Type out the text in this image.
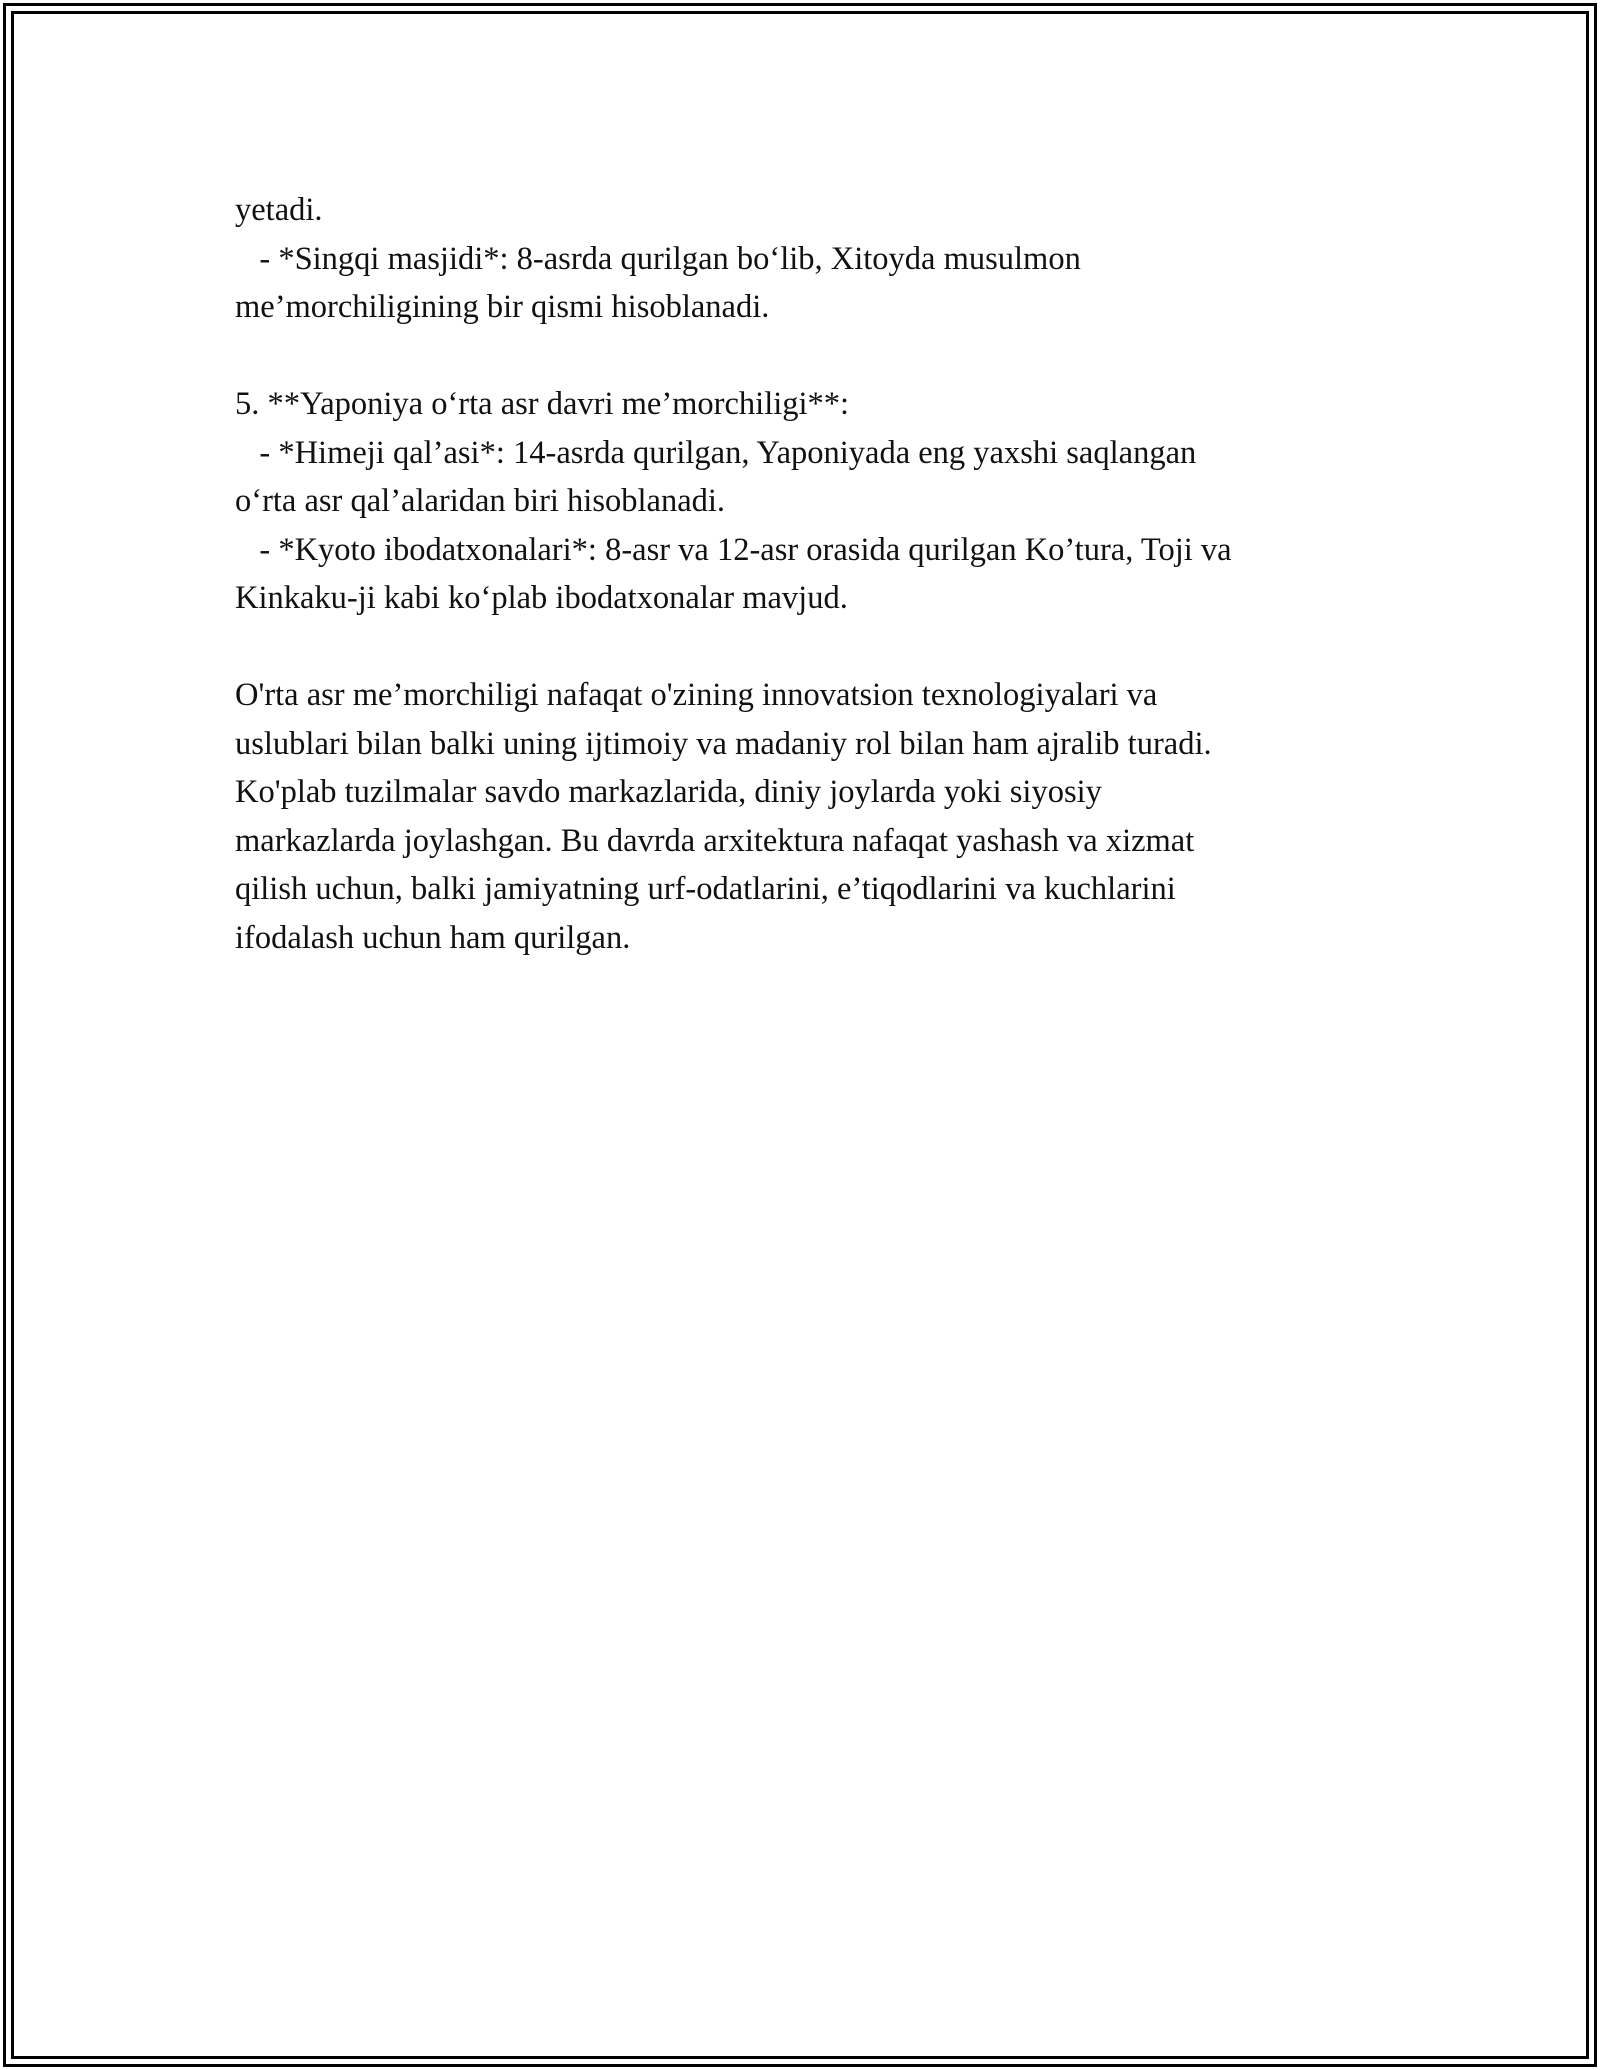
yetadi.
- *Singqi masjidi*: 8-asrda qurilgan bo‘lib, Xitoyda musulmon
me’morchiligining bir qismi hisoblanadi.
5. **Yaponiya o‘rta asr davri me’morchiligi**:
- *Himeji qal’asi*: 14-asrda qurilgan, Yaponiyada eng yaxshi saqlangan
o‘rta asr qal’alaridan biri hisoblanadi.
- *Kyoto ibodatxonalari*: 8-asr va 12-asr orasida qurilgan Ko’tura, Toji va
Kinkaku-ji kabi ko‘plab ibodatxonalar mavjud.
O'rta asr me’morchiligi nafaqat o'zining innovatsion texnologiyalari va
uslublari bilan balki uning ijtimoiy va madaniy rol bilan ham ajralib turadi.
Ko'plab tuzilmalar savdo markazlarida, diniy joylarda yoki siyosiy
markazlarda joylashgan. Bu davrda arxitektura nafaqat yashash va xizmat
qilish uchun, balki jamiyatning urf-odatlarini, e’tiqodlarini va kuchlarini
ifodalash uchun ham qurilgan.
